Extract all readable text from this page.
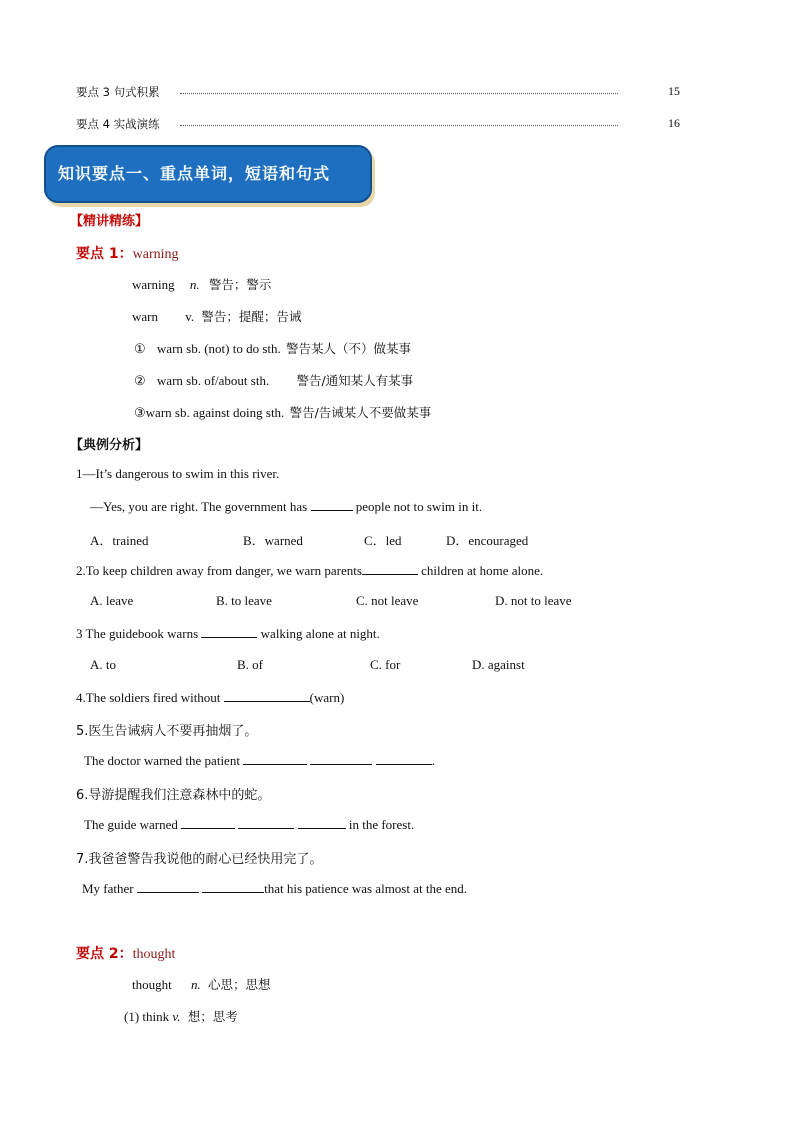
要点 3 句式积累	15
要点 4 实战演练	16
知识要点一、重点单词，短语和句式
【精讲精练】
要点 1：warning
warning n. 警告；警示
warn v. 警告；提醒；告诫
① warn sb. (not) to do sth. 警告某人（不）做某事
② warn sb. of/about sth. 警告/通知某人有某事
③warn sb. against doing sth. 警告/告诫某人不要做某事
【典例分析】
1—It’s dangerous to swim in this river.
—Yes, you are right. The government has	people not to swim in it.
A．trained	B．warned	C．led	D．encouraged
2.To keep children away from danger, we warn parents	children at home alone.
A. leave	B. to leave	C. not leave	D. not to leave
3 The guidebook warns	walking alone at night.
A. to	B. of	C. for	D. against
4.The soldiers fired without	(warn)
5.医生告诫病人不要再抽烟了。
The doctor warned the patient	.
6.导游提醒我们注意森林中的蛇。
The guide warned	in the forest.
7.我爸爸警告我说他的耐心已经快用完了。
My father	that his patience was almost at the end.
要点 2：thought
thought n. 心思；思想
(1) think v. 想；思考
